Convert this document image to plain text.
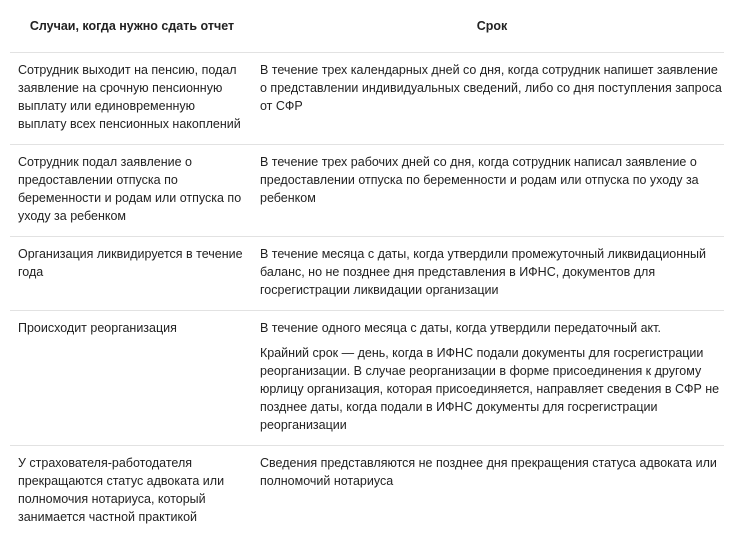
Случаи, когда нужно сдать отчет	Срок
Сотрудник выходит на пенсию, подал заявление на срочную пенсионную выплату или единовременную выплату всех пенсионных накоплений
В течение трех календарных дней со дня, когда сотрудник напишет заявление о представлении индивидуальных сведений, либо со дня поступления запроса от СФР
Сотрудник подал заявление о предоставлении отпуска по беременности и родам или отпуска по уходу за ребенком
В течение трех рабочих дней со дня, когда сотрудник написал заявление о предоставлении отпуска по беременности и родам или отпуска по уходу за ребенком
Организация ликвидируется в течение года
В течение месяца с даты, когда утвердили промежуточный ликвидационный баланс, но не позднее дня представления в ИФНС, документов для госрегистрации ликвидации организации
Происходит реорганизация	В течение одного месяца с даты, когда утвердили передаточный акт.
Крайний срок — день, когда в ИФНС подали документы для госрегистрации реорганизации. В случае реорганизации в форме присоединения к другому юрлицу организация, которая присоединяется, направляет сведения в СФР не позднее даты, когда подали в ИФНС документы для госрегистрации реорганизации
У страхователя-работодателя прекращаются статус адвоката или полномочия нотариуса, который занимается частной практикой
Сведения представляются не позднее дня прекращения статуса адвоката или полномочий нотариуса
